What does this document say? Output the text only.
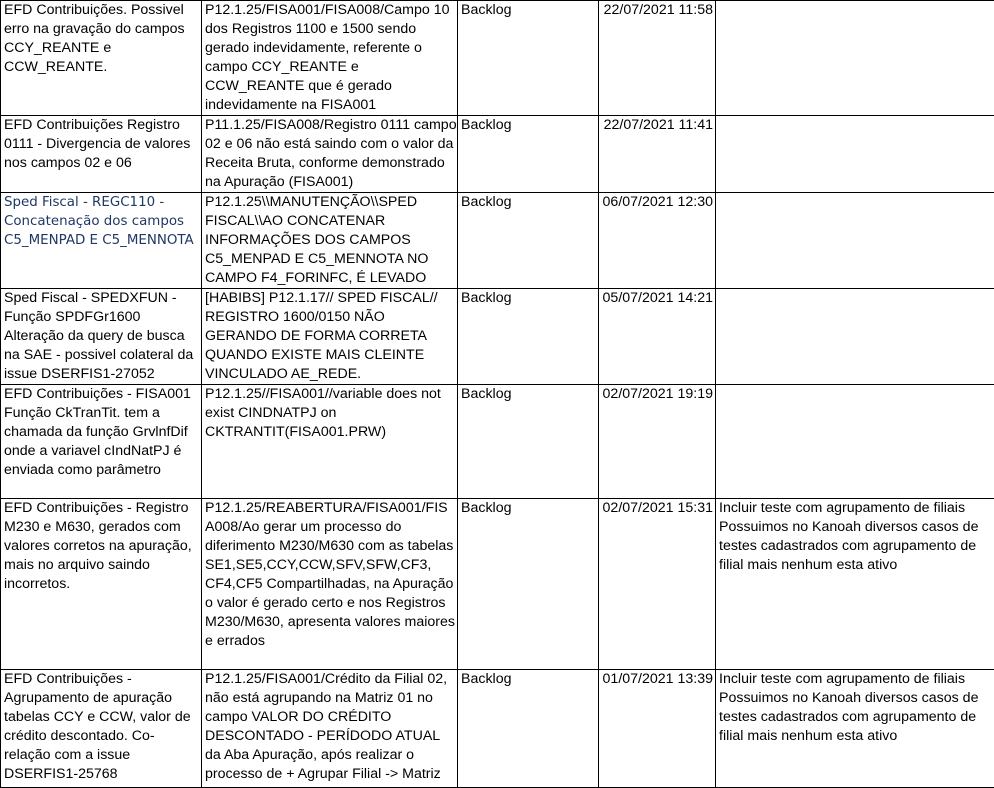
EFD Contribuições. Possivel erro na gravação do campos CCY_REANTE e CCW_REANTE.	P12.1.25/FISA001/FISA008/Campo 10 dos Registros 1100 e 1500 sendo gerado indevidamente, referente o campo CCY_REANTE e CCW_REANTE que é gerado indevidamente na FISA001	Backlog	22/07/2021 11:58	
EFD Contribuições Registro 0111 - Divergencia de valores nos campos 02 e 06	P11.1.25/FISA008/Registro 0111 campo 02 e 06 não está saindo com o valor da Receita Bruta, conforme demonstrado na Apuração (FISA001)	Backlog	22/07/2021 11:41	
Sped Fiscal - REGC110 - Concatenação dos campos C5_MENPAD E C5_MENNOTA	P12.1.25\\MANUTENÇÃO\\SPED FISCAL\\AO CONCATENAR INFORMAÇÕES DOS CAMPOS C5_MENPAD E C5_MENNOTA NO CAMPO F4_FORINFC, É LEVADO	Backlog	06/07/2021 12:30	
Sped Fiscal - SPEDXFUN - Função SPDFGr1600 Alteração da query de busca na SAE - possivel colateral da issue DSERFIS1-27052	[HABIBS] P12.1.17// SPED FISCAL// REGISTRO 1600/0150 NÃO GERANDO DE FORMA CORRETA QUANDO EXISTE MAIS CLEINTE VINCULADO AE_REDE.	Backlog	05/07/2021 14:21	
EFD Contribuições - FISA001 Função CkTranTit. tem a chamada da função GrvlnfDif onde a variavel cIndNatPJ é enviada como parâmetro	P12.1.25//FISA001//variable does not exist CINDNATPJ on CKTRANTIT(FISA001.PRW)	Backlog	02/07/2021 19:19	
EFD Contribuições - Registro M230 e M630, gerados com valores corretos na apuração, mais no arquivo saindo incorretos.	P12.1.25/REABERTURA/FISA001/FISA008/Ao gerar um processo do diferimento M230/M630 com as tabelas SE1,SE5,CCY,CCW,SFV,SFW,CF3, CF4,CF5 Compartilhadas, na Apuração o valor é gerado certo e nos Registros M230/M630, apresenta valores maiores e errados	Backlog	02/07/2021 15:31	Incluir teste com agrupamento de filiais Possuimos no Kanoah diversos casos de testes cadastrados com agrupamento de filial mais nenhum esta ativo
EFD Contribuições - Agrupamento de apuração tabelas CCY e CCW, valor de crédito descontado. Co-relação com a issue DSERFIS1-25768	P12.1.25/FISA001/Crédito da Filial 02, não está agrupando na Matriz 01 no campo VALOR DO CRÉDITO DESCONTADO - PERÍDODO ATUAL da Aba Apuração, após realizar o processo de + Agrupar Filial -> Matriz	Backlog	01/07/2021 13:39	Incluir teste com agrupamento de filiais Possuimos no Kanoah diversos casos de testes cadastrados com agrupamento de filial mais nenhum esta ativo
